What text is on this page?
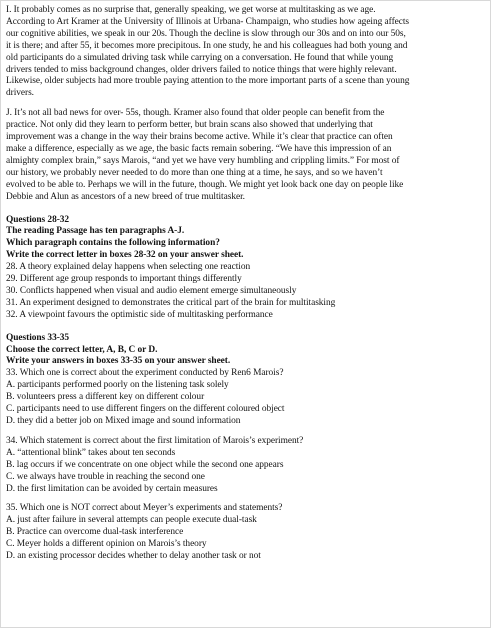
I. It probably comes as no surprise that, generally speaking, we get worse at multitasking as we age.

According to Art Kramer at the University of Illinois at Urbana- Champaign, who studies how ageing affects

our cognitive abilities, we speak in our 20s. Though the decline is slow through our 30s and on into our 50s,

it is there; and after 55, it becomes more precipitous. In one study, he and his colleagues had both young and

old participants do a simulated driving task while carrying on a conversation. He found that while young

drivers tended to miss background changes, older drivers failed to notice things that were highly relevant.

Likewise, older subjects had more trouble paying attention to the more important parts of a scene than young

drivers.

J. It’s not all bad news for over- 55s, though. Kramer also found that older people can benefit from the

practice. Not only did they learn to perform better, but brain scans also showed that underlying that

improvement was a change in the way their brains become active. While it’s clear that practice can often

make a difference, especially as we age, the basic facts remain sobering. “We have this impression of an

almighty complex brain,” says Marois, “and yet we have very humbling and crippling limits.” For most of

our history, we probably never needed to do more than one thing at a time, he says, and so we haven’t

evolved to be able to. Perhaps we will in the future, though. We might yet look back one day on people like

Debbie and Alun as ancestors of a new breed of true multitasker.

Questions 28-32

The reading Passage has ten paragraphs A-J.

Which paragraph contains the following information?

Write the correct letter in boxes 28-32 on your answer sheet.

28. A theory explained delay happens when selecting one reaction
29. Different age group responds to important things differently
30. Conflicts happened when visual and audio element emerge simultaneously
31. An experiment designed to demonstrates the critical part of the brain for multitasking
32. A viewpoint favours the optimistic side of multitasking performance

Questions 33-35

Choose the correct letter, A, B, C or D.

Write your answers in boxes 33-35 on your answer sheet.

33. Which one is correct about the experiment conducted by Ren6 Marois?

A. participants performed poorly on the listening task solely
B. volunteers press a different key on different colour
C. participants need to use different fingers on the different coloured object
D. they did a better job on Mixed image and sound information

34. Which statement is correct about the first limitation of Marois’s experiment?

A. “attentional blink” takes about ten seconds
B. lag occurs if we concentrate on one object while the second one appears
C. we always have trouble in reaching the second one
D. the first limitation can be avoided by certain measures

35. Which one is NOT correct about Meyer’s experiments and statements?

A. just after failure in several attempts can people execute dual-task
B. Practice can overcome dual-task interference
C. Meyer holds a different opinion on Marois’s theory
D. an existing processor decides whether to delay another task or not
